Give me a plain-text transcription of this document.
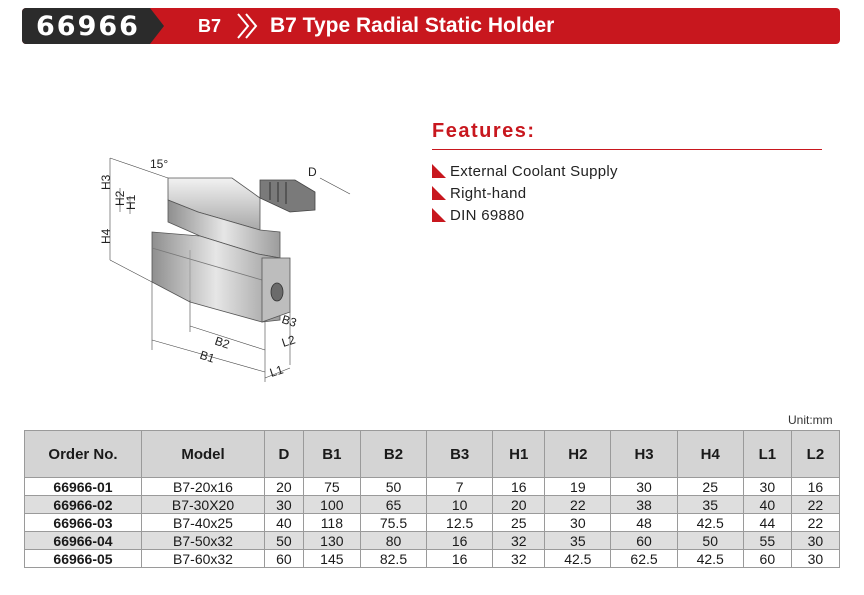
66966	B7 B7 Type Radial Static Holder
15°
D
H3
H2
H1
H4
B2
B1
B3
L2
L1
Features:
External Coolant Supply
Right-hand
DIN 69880
Unit:mm
Order No.	Model	D	B1	B2	B3	H1	H2	H3	H4	L1	L2
66966-01	B7-20x16	20	75	50	7	16	19	30	25	30	16
66966-02	B7-30X20	30	100	65	10	20	22	38	35	40	22
66966-03	B7-40x25	40	118	75.5	12.5	25	30	48	42.5	44	22
66966-04	B7-50x32	50	130	80	16	32	35	60	50	55	30
66966-05	B7-60x32	60	145	82.5	16	32	42.5	62.5	42.5	60	30
